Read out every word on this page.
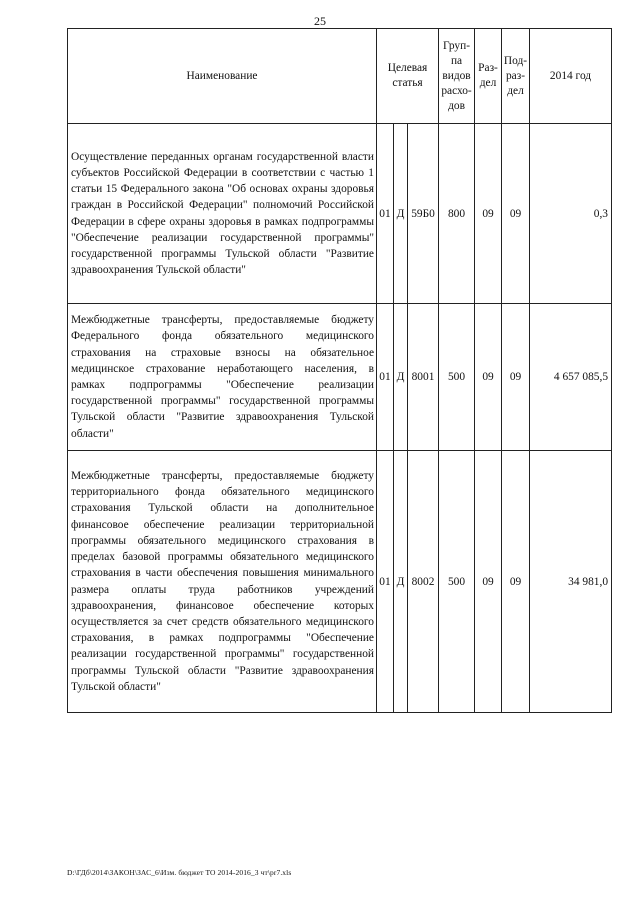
25
Наименование	Целевая статья			Груп-па видов расхо-дов	Раз-дел	Под-раз-дел	2014 год
Осуществление переданных органам государственной власти субъектов Российской Федерации в соответствии с частью 1 статьи 15 Федерального закона "Об основах охраны здоровья граждан в Российской Федерации" полномочий Российской Федерации в сфере охраны здоровья в рамках подпрограммы "Обеспечение реализации государственной программы" государственной программы Тульской области "Развитие здравоохранения Тульской области"	01	Д	59Б0	800	09	09	0,3
Межбюджетные трансферты, предоставляемые бюджету Федерального фонда обязательного медицинского страхования на страховые взносы на обязательное медицинское страхование неработающего населения, в рамках подпрограммы "Обеспечение реализации государственной программы" государственной программы Тульской области "Развитие здравоохранения Тульской области"	01	Д	8001	500	09	09	4 657 085,5
Межбюджетные трансферты, предоставляемые бюджету территориального фонда обязательного медицинского страхования Тульской области на дополнительное финансовое обеспечение реализации территориальной программы обязательного медицинского страхования в пределах базовой программы обязательного медицинского страхования в части обеспечения повышения минимального размера оплаты труда работников учреждений здравоохранения, финансовое обеспечение которых осуществляется за счет средств обязательного медицинского страхования, в рамках подпрограммы "Обеспечение реализации государственной программы" государственной программы Тульской области "Развитие здравоохранения Тульской области"	01	Д	8002	500	09	09	34 981,0
D:\ГДб\2014\ЗАКОН\ЗАС_6\Изм. бюджет ТО 2014-2016_3 чт\pr7.xls
